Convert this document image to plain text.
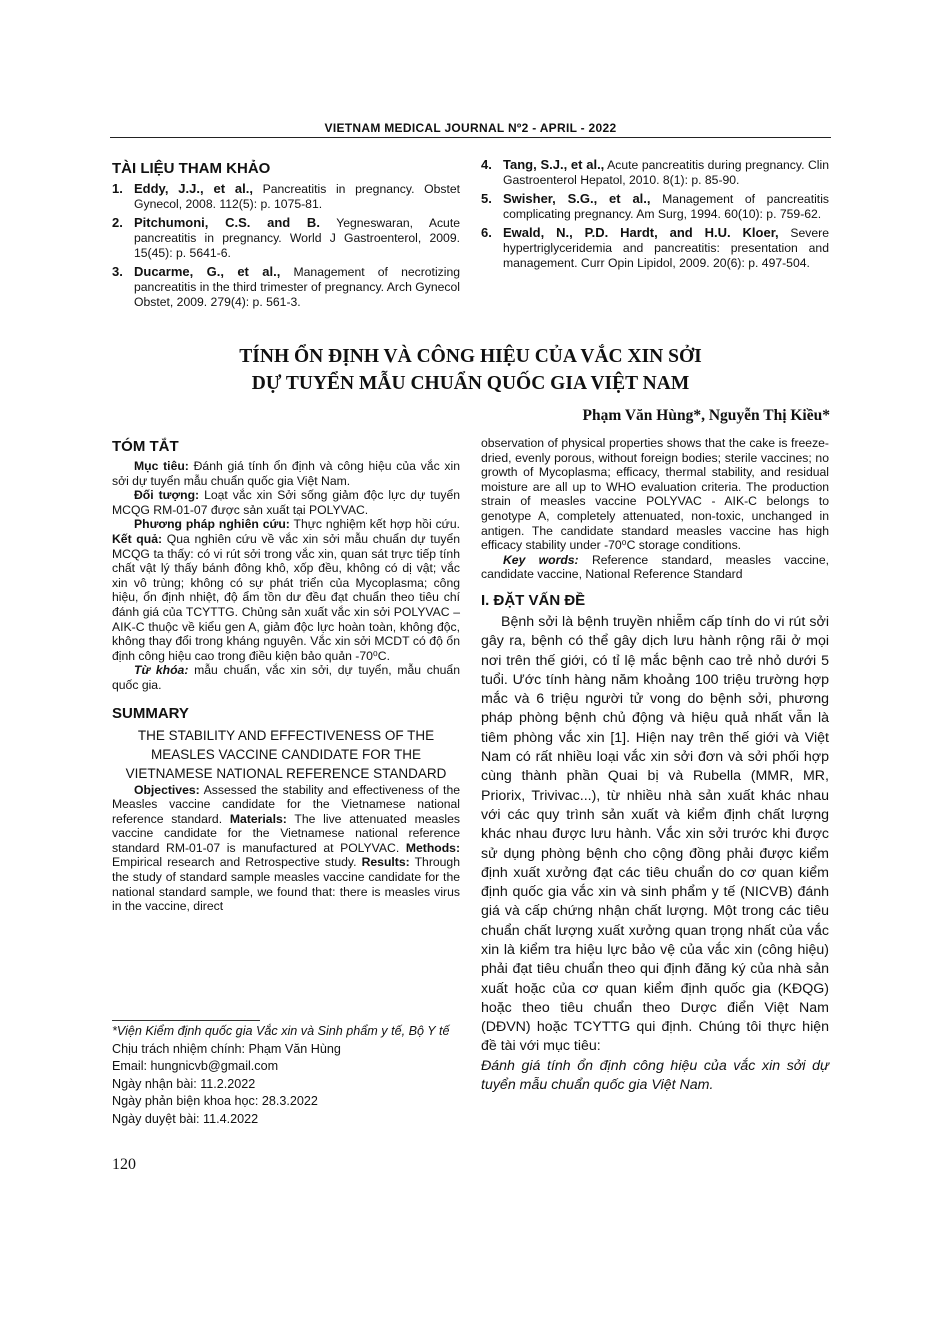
VIETNAM MEDICAL JOURNAL Nº2 - APRIL - 2022
TÀI LIỆU THAM KHẢO
1. Eddy, J.J., et al., Pancreatitis in pregnancy. Obstet Gynecol, 2008. 112(5): p. 1075-81.
2. Pitchumoni, C.S. and B. Yegneswaran, Acute pancreatitis in pregnancy. World J Gastroenterol, 2009. 15(45): p. 5641-6.
3. Ducarme, G., et al., Management of necrotizing pancreatitis in the third trimester of pregnancy. Arch Gynecol Obstet, 2009. 279(4): p. 561-3.
4. Tang, S.J., et al., Acute pancreatitis during pregnancy. Clin Gastroenterol Hepatol, 2010. 8(1): p. 85-90.
5. Swisher, S.G., et al., Management of pancreatitis complicating pregnancy. Am Surg, 1994. 60(10): p. 759-62.
6. Ewald, N., P.D. Hardt, and H.U. Kloer, Severe hypertriglyceridemia and pancreatitis: presentation and management. Curr Opin Lipidol, 2009. 20(6): p. 497-504.
TÍNH ỔN ĐỊNH VÀ CÔNG HIỆU CỦA VẮC XIN SỞI
DỰ TUYỂN MẪU CHUẨN QUỐC GIA VIỆT NAM
Phạm Văn Hùng*, Nguyễn Thị Kiều*
TÓM TẮT

Mục tiêu: Đánh giá tính ổn định và công hiệu của vắc xin sởi dự tuyển mẫu chuẩn quốc gia Việt Nam.

Đối tượng: Loạt vắc xin Sởi sống giảm độc lực dự tuyển MCQG RM-01-07 được sản xuất tại POLYVAC.

Phương pháp nghiên cứu: Thực nghiệm kết hợp hồi cứu. Kết quả: Qua nghiên cứu về vắc xin sởi mẫu chuẩn dự tuyển MCQG ta thấy: có vi rút sởi trong vắc xin, quan sát trực tiếp tính chất vật lý thấy bánh đông khô, xốp đều, không có dị vật; vắc xin vô trùng; không có sự phát triển của Mycoplasma; công hiệu, ổn định nhiệt, độ ẩm tồn dư đều đạt chuẩn theo tiêu chí đánh giá của TCYTTG. Chủng sản xuất vắc xin sởi POLYVAC – AIK-C thuộc về kiểu gen A, giảm độc lực hoàn toàn, không độc, không thay đổi trong kháng nguyên. Vắc xin sởi MCDT có độ ổn định công hiệu cao trong điều kiện bảo quản -70⁰C.

Từ khóa: mẫu chuẩn, vắc xin sởi, dự tuyển, mẫu chuẩn quốc gia.

SUMMARY
THE STABILITY AND EFFECTIVENESS OF THE MEASLES VACCINE CANDIDATE FOR THE VIETNAMESE NATIONAL REFERENCE STANDARD

Objectives: Assessed the stability and effectiveness of the Measles vaccine candidate for the Vietnamese national reference standard. Materials: The live attenuated measles vaccine candidate for the Vietnamese national reference standard RM-01-07 is manufactured at POLYVAC. Methods: Empirical research and Retrospective study. Results: Through the study of standard sample measles vaccine candidate for the national standard sample, we found that: there is measles virus in the vaccine, direct

observation of physical properties shows that the cake is freeze-dried, evenly porous, without foreign bodies; sterile vaccines; no growth of Mycoplasma; efficacy, thermal stability, and residual moisture are all up to WHO evaluation criteria. The production strain of measles vaccine POLYVAC - AIK-C belongs to genotype A, completely attenuated, non-toxic, unchanged in antigen. The candidate standard measles vaccine has high efficacy stability under -70⁰C storage conditions.

Key words: Reference standard, measles vaccine, candidate vaccine, National Reference Standard

I. ĐẶT VẤN ĐỀ

Bệnh sởi là bệnh truyền nhiễm cấp tính do vi rút sởi gây ra, bệnh có thể gây dịch lưu hành rộng rãi ở mọi nơi trên thế giới, có tỉ lệ mắc bệnh cao trẻ nhỏ dưới 5 tuổi. Ước tính hàng năm khoảng 100 triệu trường hợp mắc và 6 triệu người tử vong do bệnh sởi, phương pháp phòng bệnh chủ động và hiệu quả nhất vẫn là tiêm phòng vắc xin [1]. Hiện nay trên thế giới và Việt Nam có rất nhiều loại vắc xin sởi đơn và sởi phối hợp cùng thành phần Quai bị và Rubella (MMR, MR, Priorix, Trivivac...), từ nhiều nhà sản xuất khác nhau với các quy trình sản xuất và kiểm định chất lượng khác nhau được lưu hành. Vắc xin sởi trước khi được sử dụng phòng bệnh cho cộng đồng phải được kiểm định xuất xưởng đạt các tiêu chuẩn do cơ quan kiểm định quốc gia vắc xin và sinh phẩm y tế (NICVB) đánh giá và cấp chứng nhận chất lượng. Một trong các tiêu chuẩn chất lượng xuất xưởng quan trọng nhất của vắc xin là kiểm tra hiệu lực bảo vệ của vắc xin (công hiệu) phải đạt tiêu chuẩn theo qui định đăng ký của nhà sản xuất hoặc của cơ quan kiểm định quốc gia (KĐQG) hoặc theo tiêu chuẩn theo Dược điển Việt Nam (DĐVN) hoặc TCYTTG qui định. Chúng tôi thực hiện đề tài với mục tiêu:

Đánh giá tính ổn định công hiệu của vắc xin sởi dự tuyển mẫu chuẩn quốc gia Việt Nam.

*Viện Kiểm định quốc gia Vắc xin và Sinh phẩm y tế, Bộ Y tế
Chịu trách nhiệm chính: Phạm Văn Hùng
Email: hungnicvb@gmail.com
Ngày nhận bài: 11.2.2022
Ngày phản biện khoa học: 28.3.2022
Ngày duyệt bài: 11.4.2022
120
